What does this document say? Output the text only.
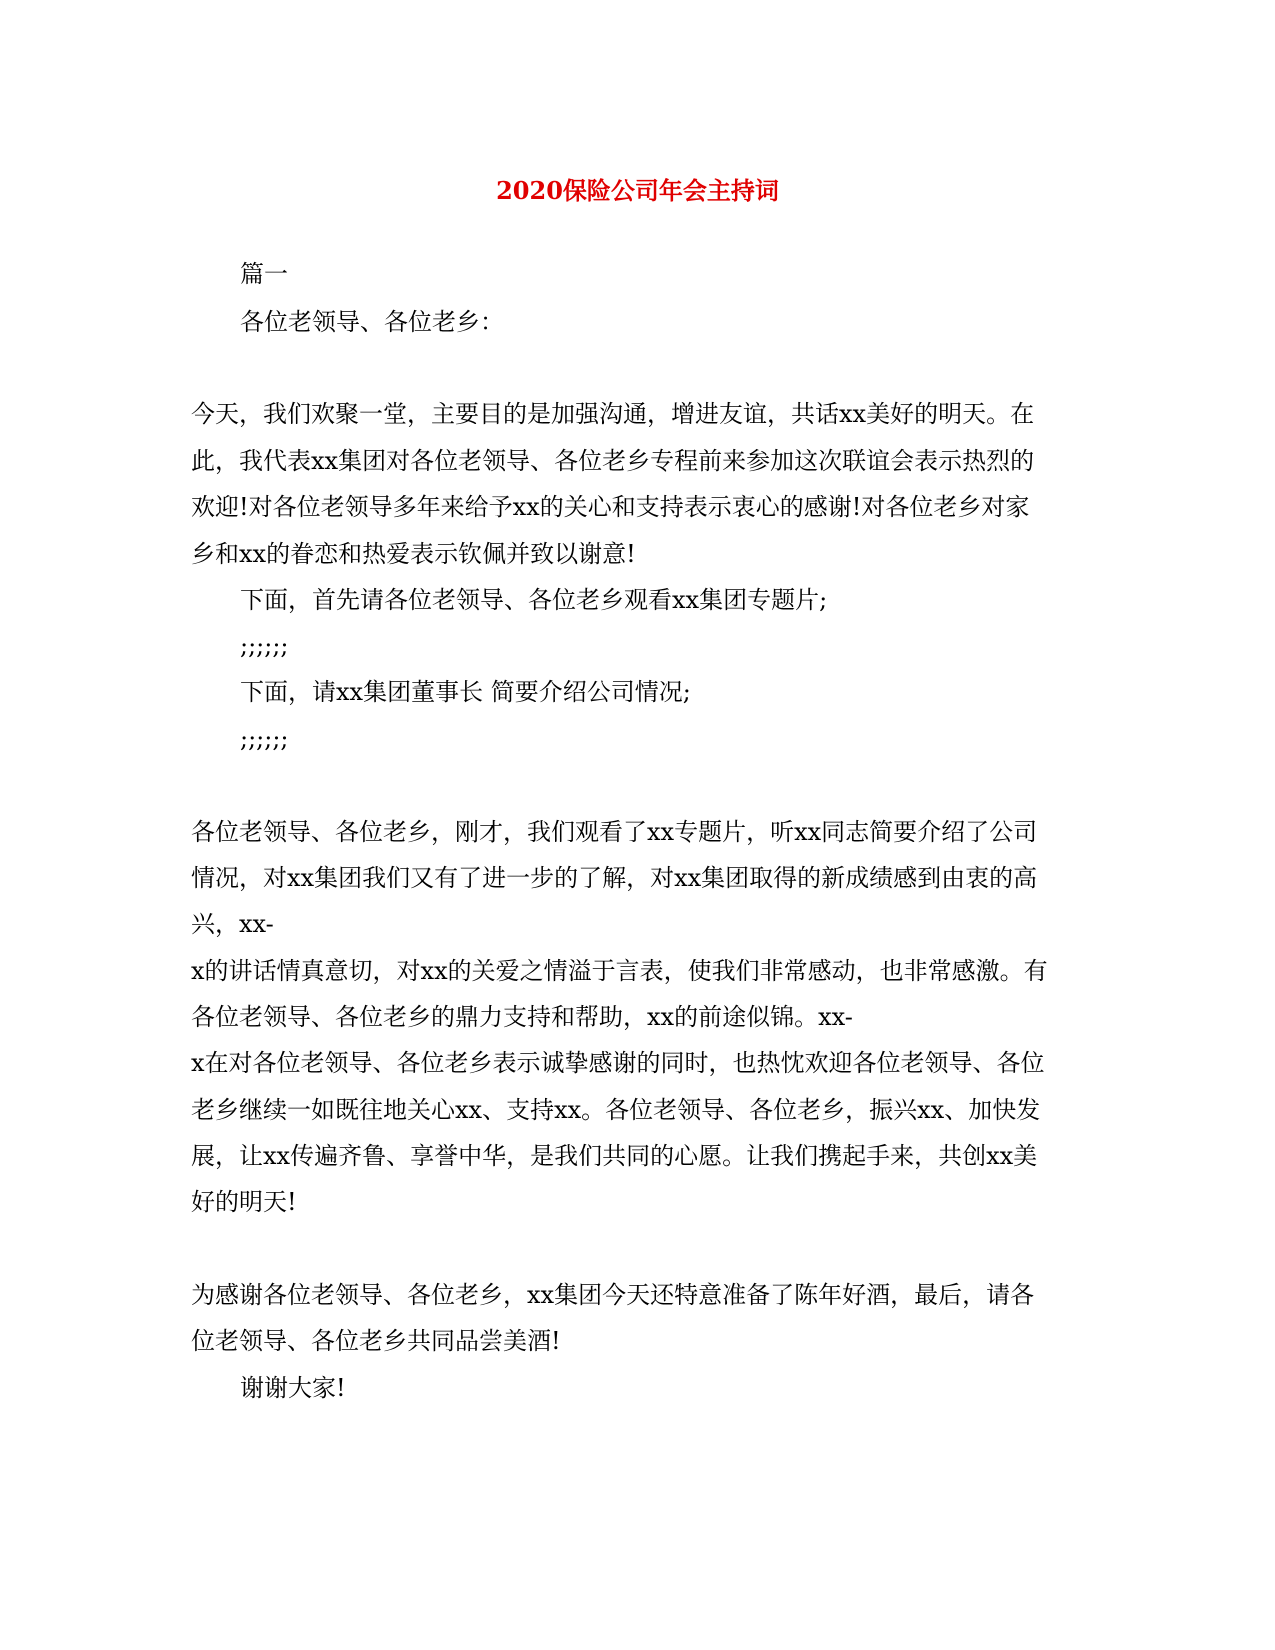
2020保险公司年会主持词
篇一
各位老领导、各位老乡：
今天，我们欢聚一堂，主要目的是加强沟通，增进友谊，共话xx美好的明天。在
此，我代表xx集团对各位老领导、各位老乡专程前来参加这次联谊会表示热烈的
欢迎!对各位老领导多年来给予xx的关心和支持表示衷心的感谢!对各位老乡对家
乡和xx的眷恋和热爱表示钦佩并致以谢意!
下面，首先请各位老领导、各位老乡观看xx集团专题片;
;;;;;;
下面，请xx集团董事长 简要介绍公司情况;
;;;;;;
各位老领导、各位老乡，刚才，我们观看了xx专题片，听xx同志简要介绍了公司
情况，对xx集团我们又有了进一步的了解，对xx集团取得的新成绩感到由衷的高
兴，xx-
x的讲话情真意切，对xx的关爱之情溢于言表，使我们非常感动，也非常感激。有
各位老领导、各位老乡的鼎力支持和帮助，xx的前途似锦。xx-
x在对各位老领导、各位老乡表示诚挚感谢的同时，也热忱欢迎各位老领导、各位
老乡继续一如既往地关心xx、支持xx。各位老领导、各位老乡，振兴xx、加快发
展，让xx传遍齐鲁、享誉中华，是我们共同的心愿。让我们携起手来，共创xx美
好的明天!
为感谢各位老领导、各位老乡，xx集团今天还特意准备了陈年好酒，最后，请各
位老领导、各位老乡共同品尝美酒!
谢谢大家!
